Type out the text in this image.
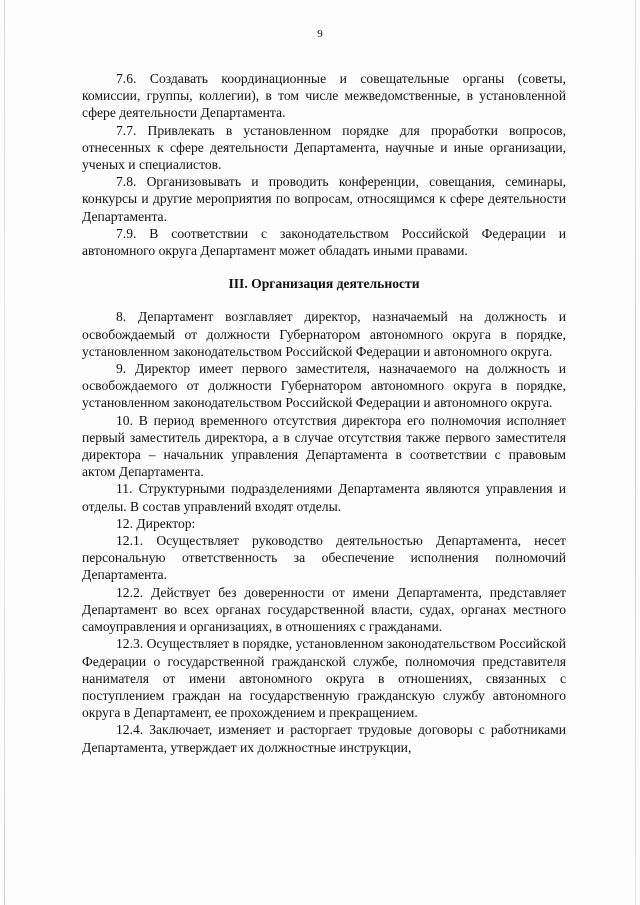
9

7.6. Создавать координационные и совещательные органы (советы, комиссии, группы, коллегии), в том числе межведомственные, в установленной сфере деятельности Департамента.

7.7. Привлекать в установленном порядке для проработки вопросов, отнесенных к сфере деятельности Департамента, научные и иные организации, ученых и специалистов.

7.8. Организовывать и проводить конференции, совещания, семинары, конкурсы и другие мероприятия по вопросам, относящимся к сфере деятельности Департамента.

7.9. В соответствии с законодательством Российской Федерации и автономного округа Департамент может обладать иными правами.

III. Организация деятельности

8. Департамент возглавляет директор, назначаемый на должность и освобождаемый от должности Губернатором автономного округа в порядке, установленном законодательством Российской Федерации и автономного округа.

9. Директор имеет первого заместителя, назначаемого на должность и освобождаемого от должности Губернатором автономного округа в порядке, установленном законодательством Российской Федерации и автономного округа.

10. В период временного отсутствия директора его полномочия исполняет первый заместитель директора, а в случае отсутствия также первого заместителя директора – начальник управления Департамента в соответствии с правовым актом Департамента.

11. Структурными подразделениями Департамента являются управления и отделы. В состав управлений входят отделы.

12. Директор:

12.1. Осуществляет руководство деятельностью Департамента, несет персональную ответственность за обеспечение исполнения полномочий Департамента.

12.2. Действует без доверенности от имени Департамента, представляет Департамент во всех органах государственной власти, судах, органах местного самоуправления и организациях, в отношениях с гражданами.

12.3. Осуществляет в порядке, установленном законодательством Российской Федерации о государственной гражданской службе, полномочия представителя нанимателя от имени автономного округа в отношениях, связанных с поступлением граждан на государственную гражданскую службу автономного округа в Департамент, ее прохождением и прекращением.

12.4. Заключает, изменяет и расторгает трудовые договоры с работниками Департамента, утверждает их должностные инструкции,
